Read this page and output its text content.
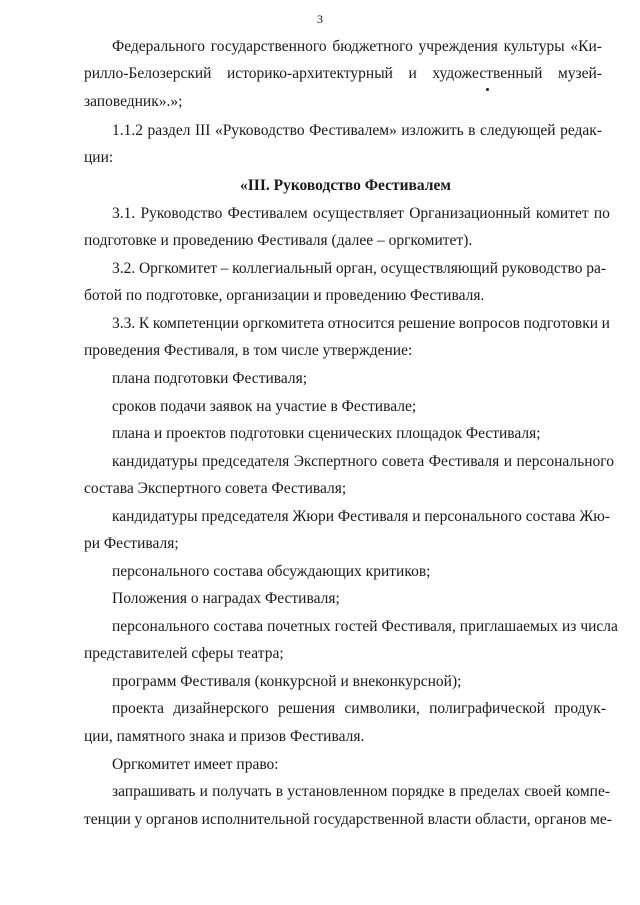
3
Федерального государственного бюджетного учреждения культуры «Ки-
рилло-Белозерский историко-архитектурный и художественный музей-
заповедник».»;
1.1.2 раздел III «Руководство Фестивалем» изложить в следующей редак-
ции:
«III. Руководство Фестивалем
3.1. Руководство Фестивалем осуществляет Организационный комитет по
подготовке и проведению Фестиваля (далее – оргкомитет).
3.2. Оргкомитет – коллегиальный орган, осуществляющий руководство ра-
ботой по подготовке, организации и проведению Фестиваля.
3.3. К компетенции оргкомитета относится решение вопросов подготовки и
проведения Фестиваля, в том числе утверждение:
плана подготовки Фестиваля;
сроков подачи заявок на участие в Фестивале;
плана и проектов подготовки сценических площадок Фестиваля;
кандидатуры председателя Экспертного совета Фестиваля и персонального
состава Экспертного совета Фестиваля;
кандидатуры председателя Жюри Фестиваля и персонального состава Жю-
ри Фестиваля;
персонального состава обсуждающих критиков;
Положения о наградах Фестиваля;
персонального состава почетных гостей Фестиваля, приглашаемых из числа
представителей сферы театра;
программ Фестиваля (конкурсной и внеконкурсной);
проекта дизайнерского решения символики, полиграфической продук-
ции, памятного знака и призов Фестиваля.
Оргкомитет имеет право:
запрашивать и получать в установленном порядке в пределах своей компе-
тенции у органов исполнительной государственной власти области, органов ме-
